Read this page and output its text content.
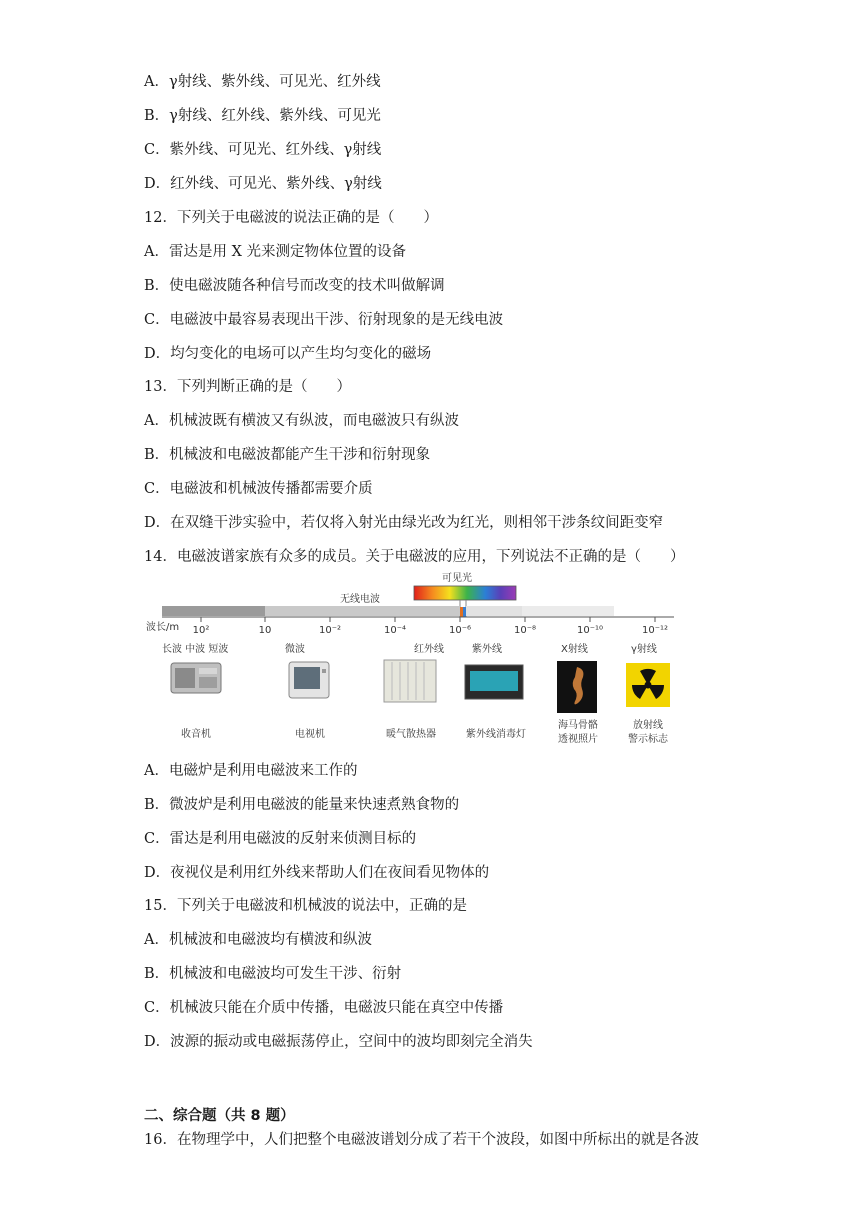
A．γ射线、紫外线、可见光、红外线
B．γ射线、红外线、紫外线、可见光
C．紫外线、可见光、红外线、γ射线
D．红外线、可见光、紫外线、γ射线
12．下列关于电磁波的说法正确的是（　　）
A．雷达是用 X 光来测定物体位置的设备
B．使电磁波随各种信号而改变的技术叫做解调
C．电磁波中最容易表现出干涉、衍射现象的是无线电波
D．均匀变化的电场可以产生均匀变化的磁场
13．下列判断正确的是（　　）
A．机械波既有横波又有纵波，而电磁波只有纵波
B．机械波和电磁波都能产生干涉和衍射现象
C．电磁波和机械波传播都需要介质
D．在双缝干涉实验中，若仅将入射光由绿光改为红光，则相邻干涉条纹间距变窄
14．电磁波谱家族有众多的成员。关于电磁波的应用，下列说法不正确的是（　　）
可见光
无线电波
波长/m 10²	10	10⁻²	10⁻⁴	10⁻⁶	10⁻⁸	10⁻¹⁰	10⁻¹²
长波 中波 短波	微波	红外线	紫外线	X射线	γ射线
收音机	电视机	暖气散热器	紫外线消毒灯
海马骨骼
透视照片
放射线
警示标志
A．电磁炉是利用电磁波来工作的
B．微波炉是利用电磁波的能量来快速煮熟食物的
C．雷达是利用电磁波的反射来侦测目标的
D．夜视仪是利用红外线来帮助人们在夜间看见物体的
15．下列关于电磁波和机械波的说法中，正确的是
A．机械波和电磁波均有横波和纵波
B．机械波和电磁波均可发生干涉、衍射
C．机械波只能在介质中传播，电磁波只能在真空中传播
D．波源的振动或电磁振荡停止，空间中的波均即刻完全消失
二、综合题（共 8 题）
16．在物理学中，人们把整个电磁波谱划分成了若干个波段，如图中所标出的就是各波
